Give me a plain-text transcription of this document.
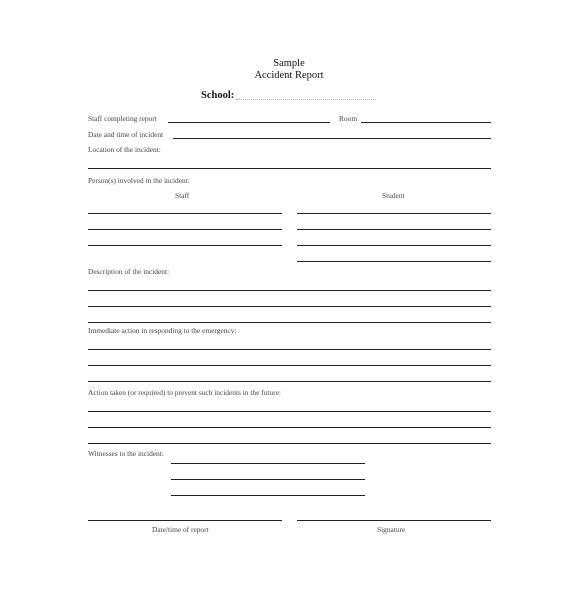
Sample
Accident Report
School:
Staff completing report	Room
Date and time of incident
Location of the incident:
Person(s) involved in the incident:
Staff	Student
Description of the incident:
Immediate action in responding to the emergency:
Action taken (or required) to prevent such incidents in the future:
Witnesses to the incident:
Date/time of report	Signature
